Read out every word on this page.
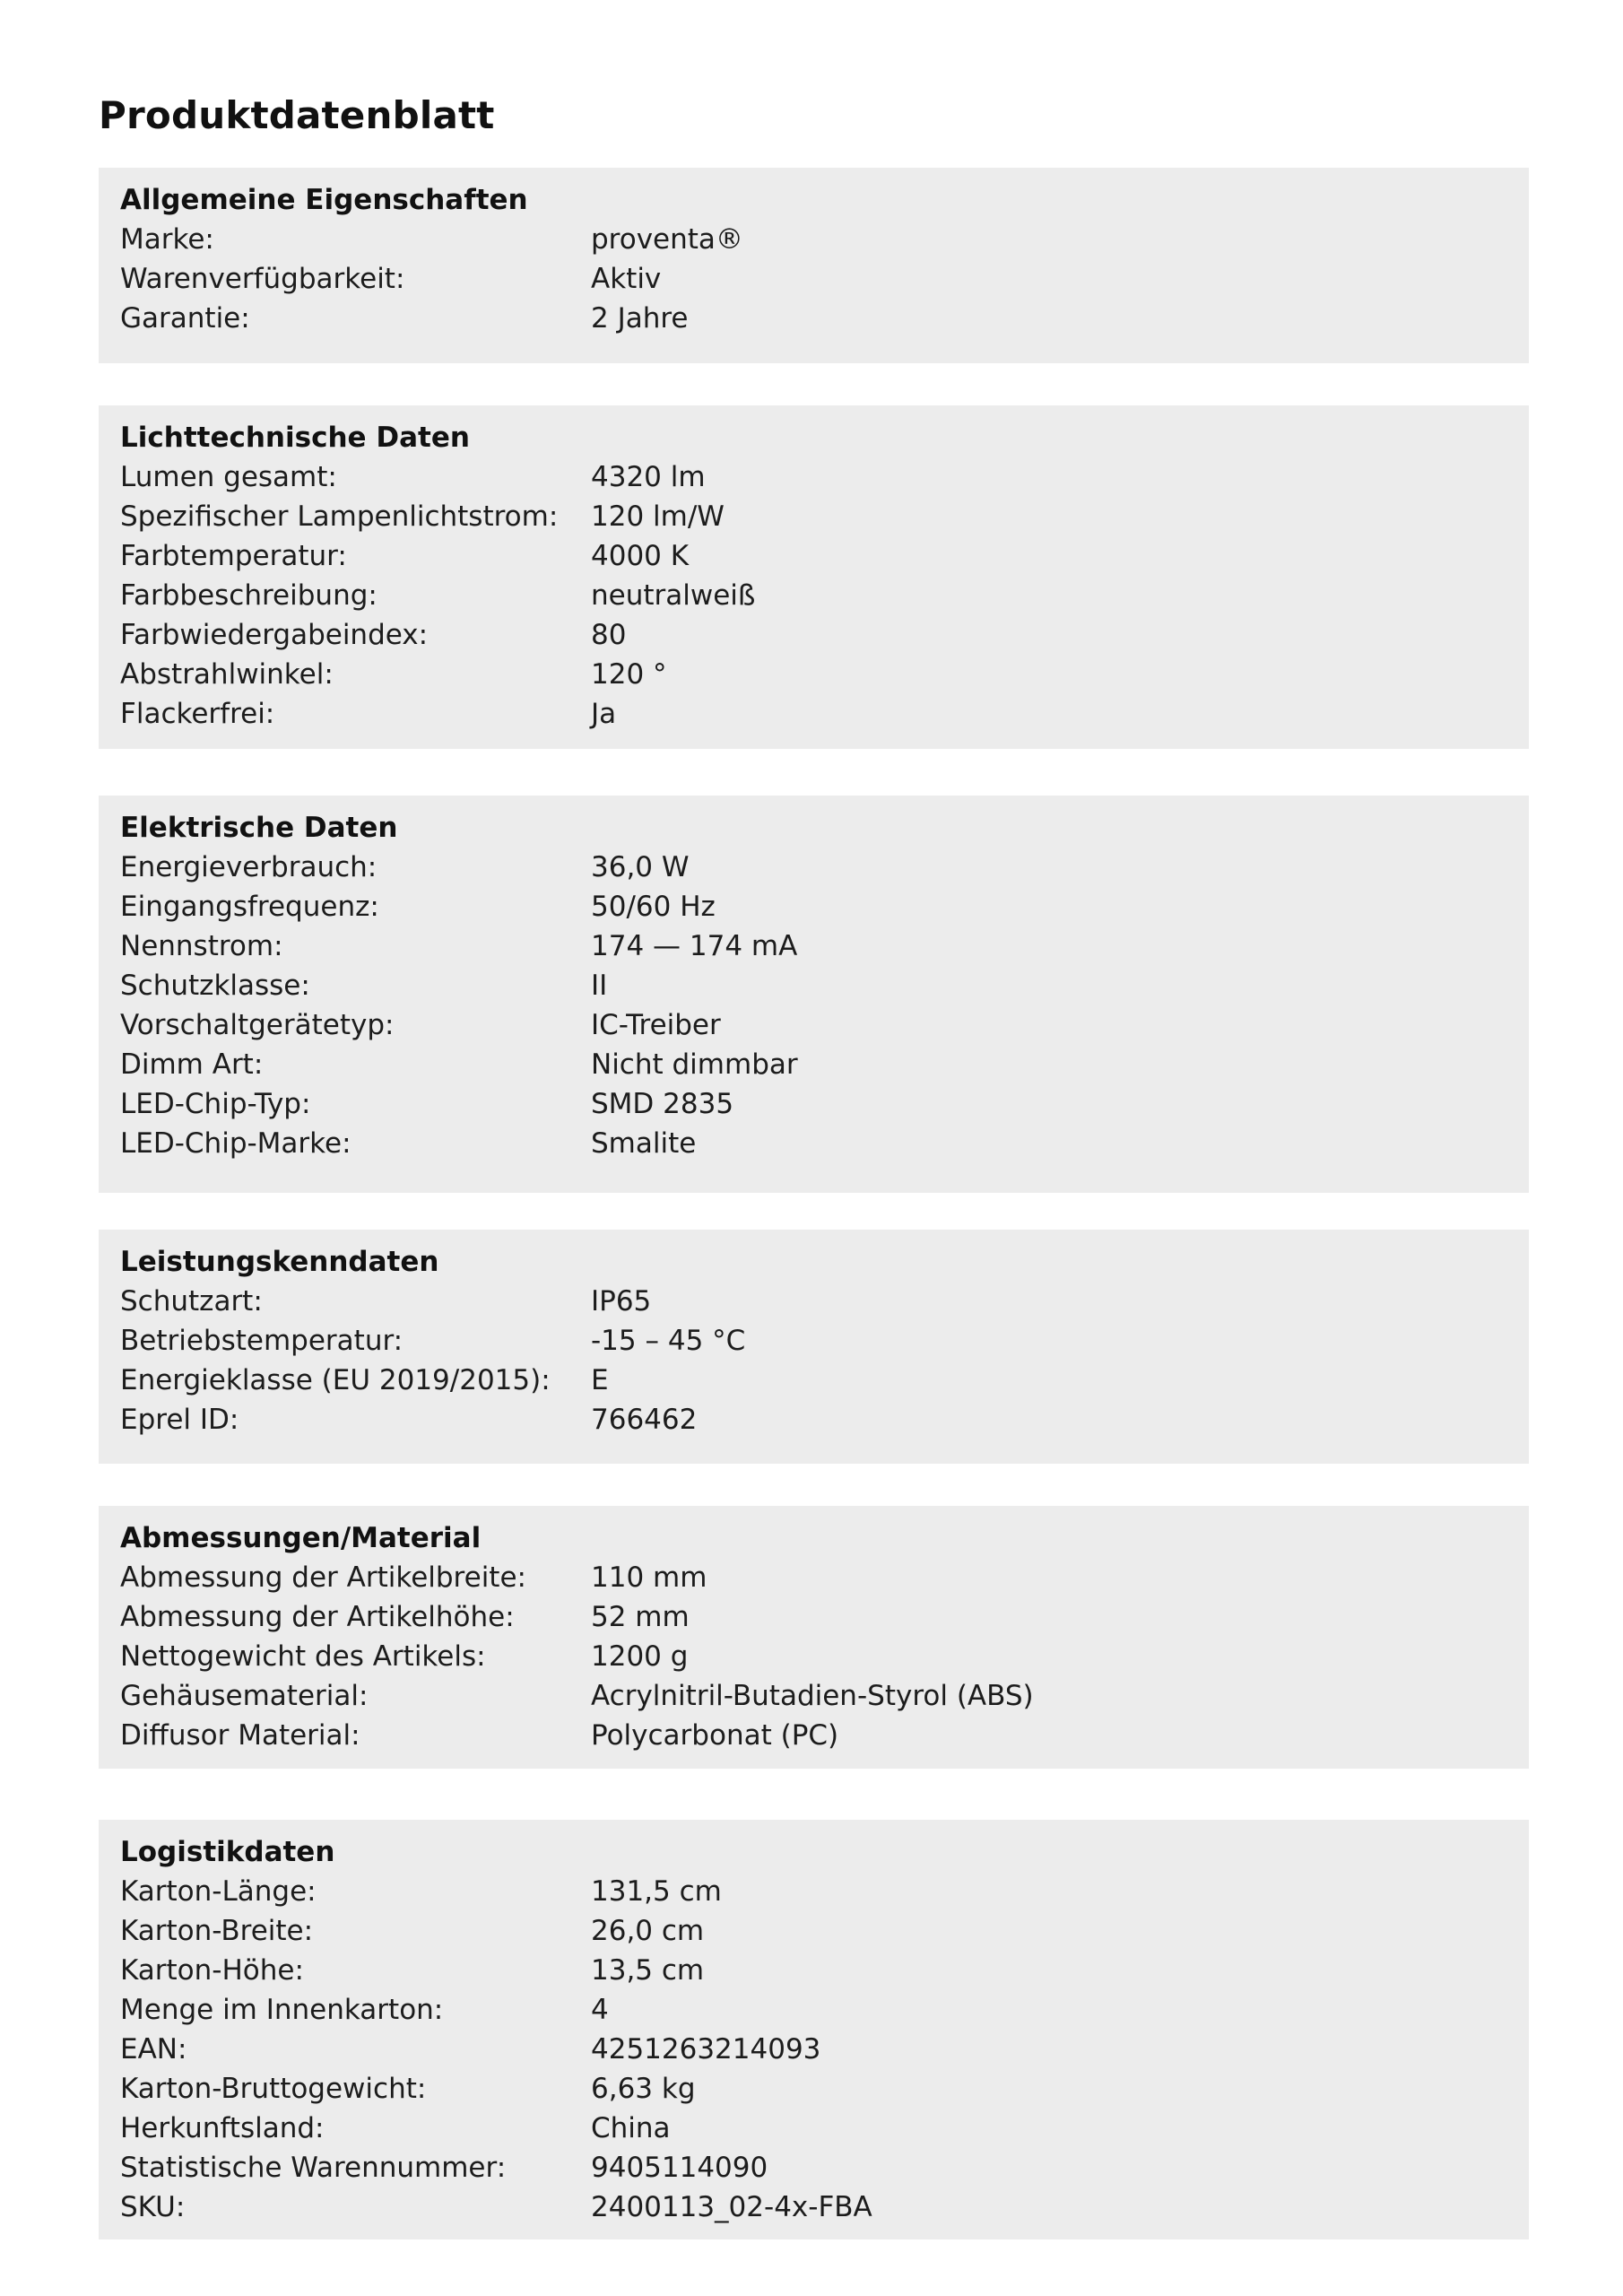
Produktdatenblatt
Allgemeine Eigenschaften
Marke:	proventa®
Warenverfügbarkeit:	Aktiv
Garantie:	2 Jahre
Lichttechnische Daten
Lumen gesamt:	4320 lm
Spezifischer Lampenlichtstrom:	120 lm/W
Farbtemperatur:	4000 K
Farbbeschreibung:	neutralweiß
Farbwiedergabeindex:	80
Abstrahlwinkel:	120 °
Flackerfrei:	Ja
Elektrische Daten
Energieverbrauch:	36,0 W
Eingangsfrequenz:	50/60 Hz
Nennstrom:	174 — 174 mA
Schutzklasse:	II
Vorschaltgerätetyp:	IC-Treiber
Dimm Art:	Nicht dimmbar
LED-Chip-Typ:	SMD 2835
LED-Chip-Marke:	Smalite
Leistungskenndaten
Schutzart:	IP65
Betriebstemperatur:	-15 – 45 °C
Energieklasse (EU 2019/2015):	E
Eprel ID:	766462
Abmessungen/Material
Abmessung der Artikelbreite:	110 mm
Abmessung der Artikelhöhe:	52 mm
Nettogewicht des Artikels:	1200 g
Gehäusematerial:	Acrylnitril-Butadien-Styrol (ABS)
Diffusor Material:	Polycarbonat (PC)
Logistikdaten
Karton-Länge:	131,5 cm
Karton-Breite:	26,0 cm
Karton-Höhe:	13,5 cm
Menge im Innenkarton:	4
EAN:	4251263214093
Karton-Bruttogewicht:	6,63 kg
Herkunftsland:	China
Statistische Warennummer:	9405114090
SKU:	2400113_02-4x-FBA
